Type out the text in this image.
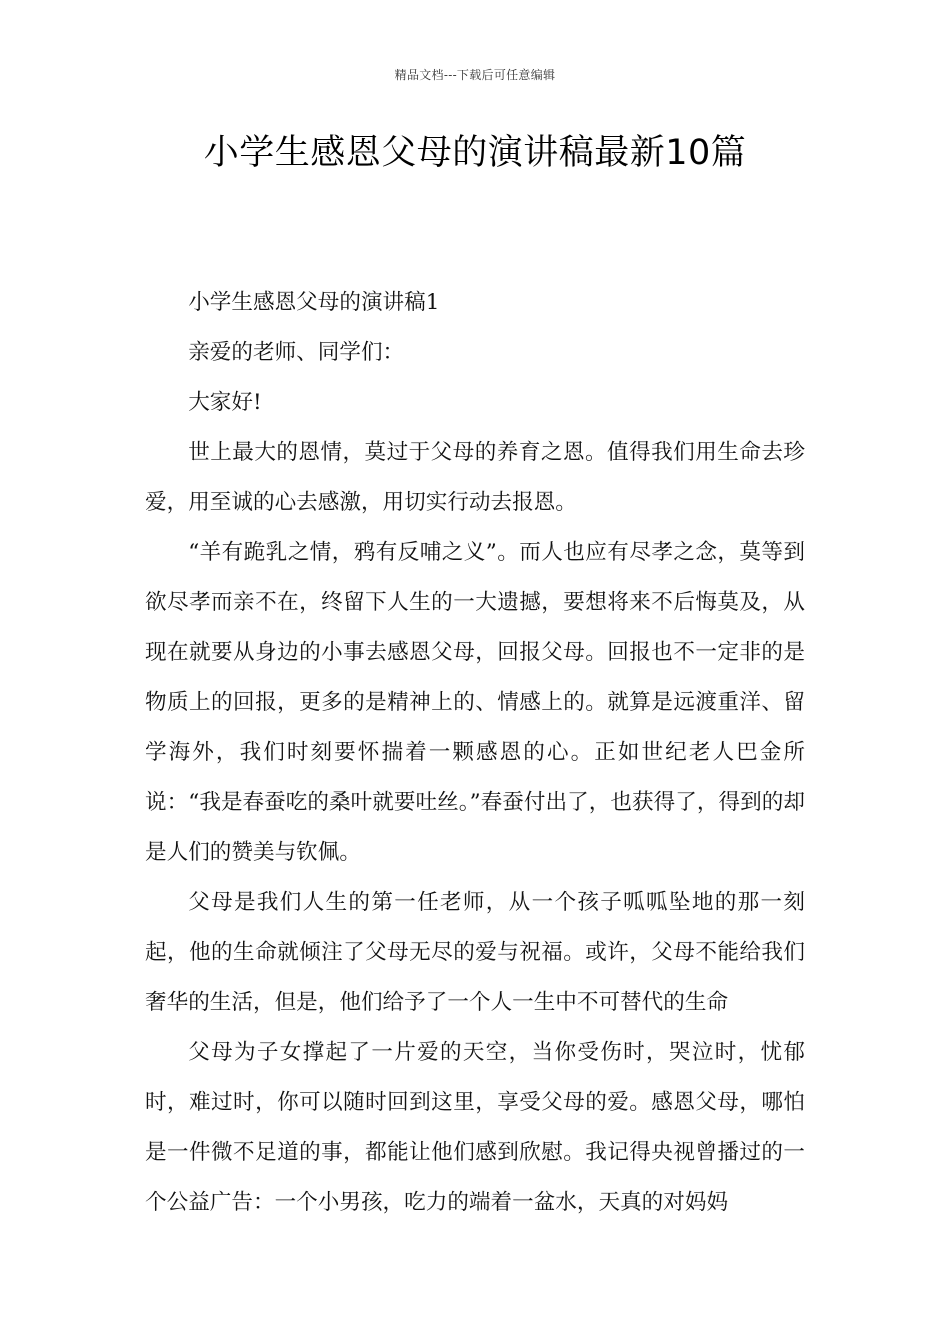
精品文档---下载后可任意编辑
小学生感恩父母的演讲稿最新10篇

小学生感恩父母的演讲稿1

亲爱的老师、同学们：

大家好!

世上最大的恩情，莫过于父母的养育之恩。值得我们用生命去珍爱，用至诚的心去感激，用切实行动去报恩。

“羊有跪乳之情，鸦有反哺之义”。而人也应有尽孝之念，莫等到欲尽孝而亲不在，终留下人生的一大遗撼，要想将来不后悔莫及，从现在就要从身边的小事去感恩父母，回报父母。回报也不一定非的是物质上的回报，更多的是精神上的、情感上的。就算是远渡重洋、留学海外，我们时刻要怀揣着一颗感恩的心。正如世纪老人巴金所说：“我是春蚕吃的桑叶就要吐丝。”春蚕付出了，也获得了，得到的却是人们的赞美与钦佩。

父母是我们人生的第一任老师，从一个孩子呱呱坠地的那一刻起，他的生命就倾注了父母无尽的爱与祝福。或许，父母不能给我们奢华的生活，但是，他们给予了一个人一生中不可替代的生命

父母为子女撑起了一片爱的天空，当你受伤时，哭泣时，忧郁时，难过时，你可以随时回到这里，享受父母的爱。感恩父母，哪怕是一件微不足道的事，都能让他们感到欣慰。我记得央视曾播过的一个公益广告：一个小男孩，吃力的端着一盆水，天真的对妈妈
